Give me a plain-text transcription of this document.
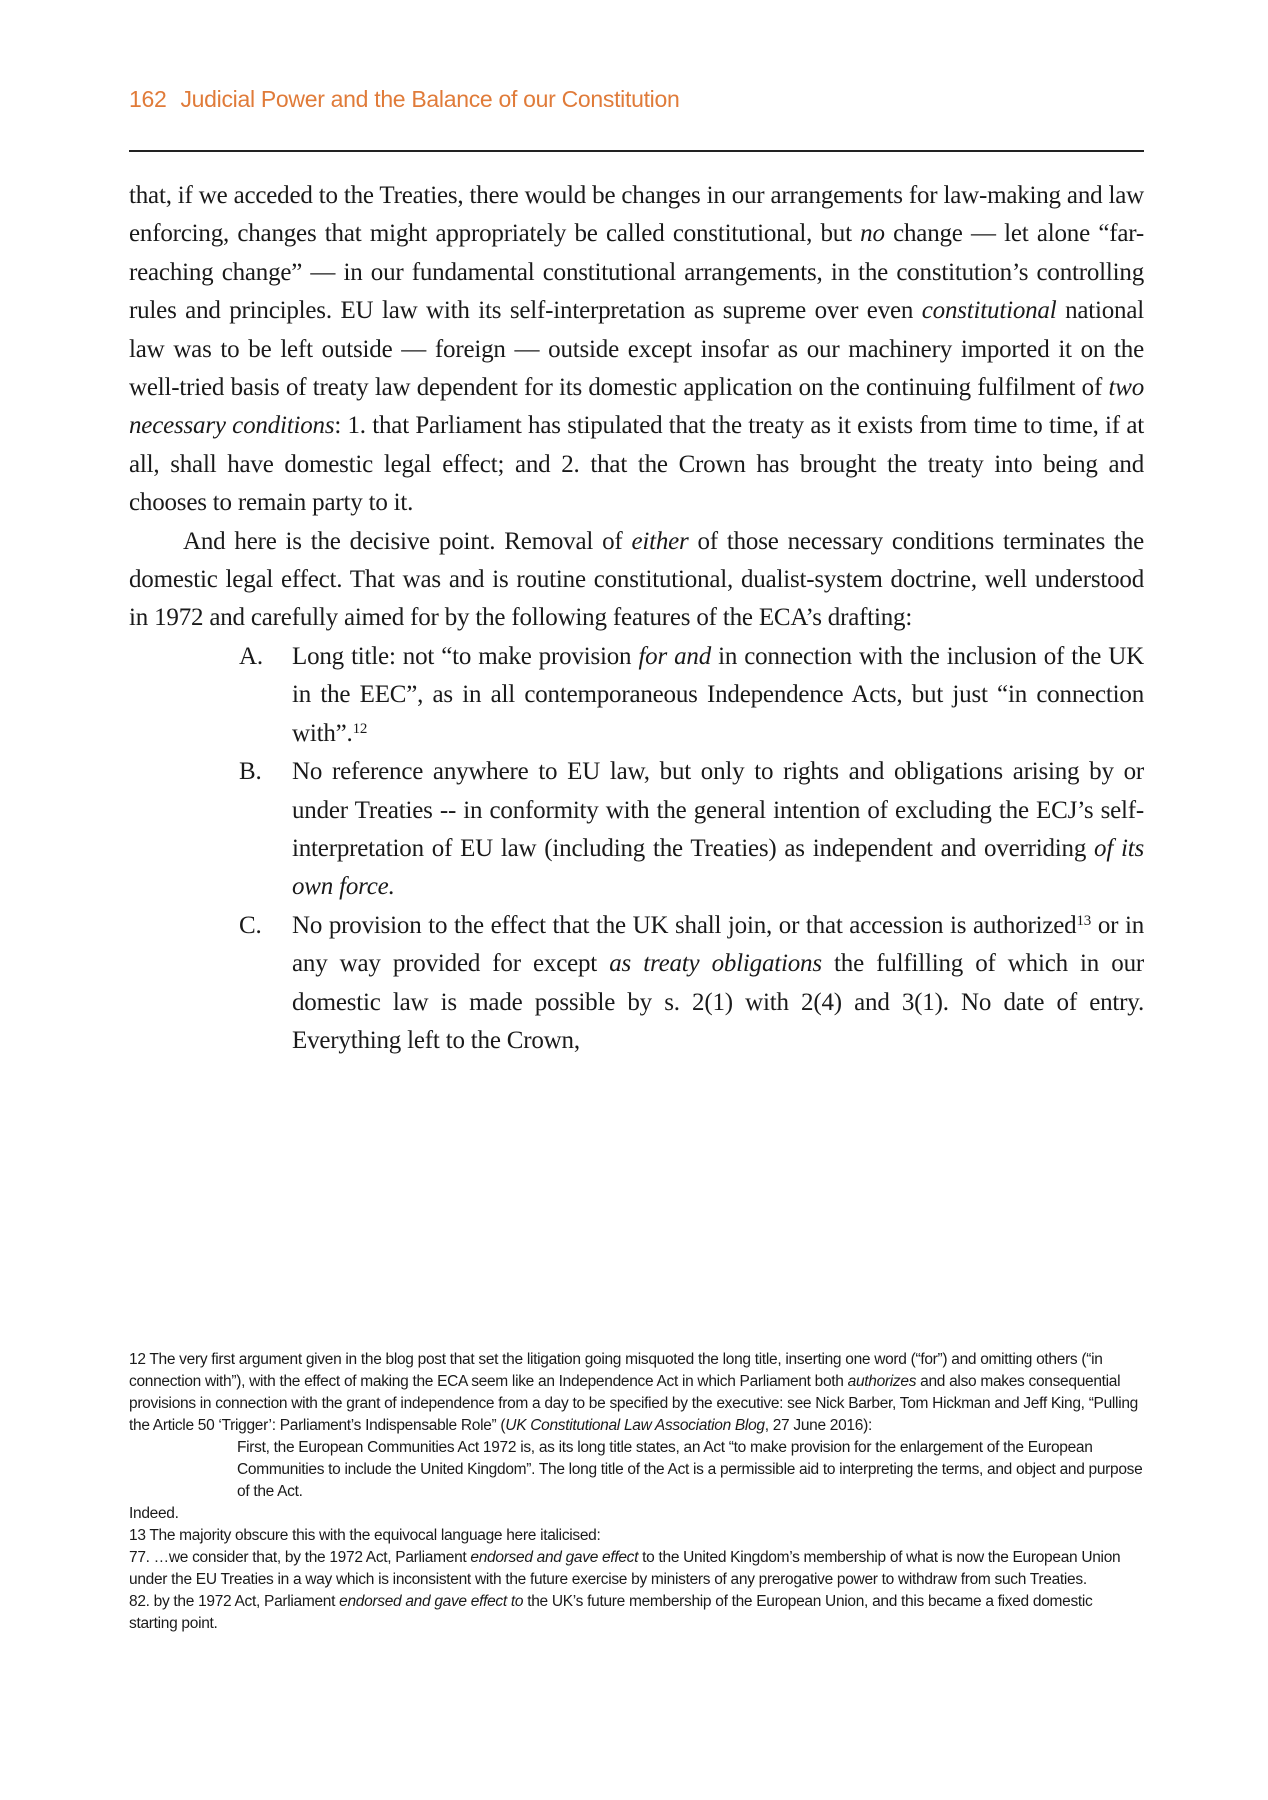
162 Judicial Power and the Balance of our Constitution

that, if we acceded to the Treaties, there would be changes in our arrangements for law-making and law enforcing, changes that might appropriately be called constitutional, but no change — let alone “far-reaching change” — in our fundamental constitutional arrangements, in the constitution’s controlling rules and principles. EU law with its self-interpretation as supreme over even constitutional national law was to be left outside — foreign — outside except insofar as our machinery imported it on the well-tried basis of treaty law dependent for its domestic application on the continuing fulfilment of two necessary conditions: 1. that Parliament has stipulated that the treaty as it exists from time to time, if at all, shall have domestic legal effect; and 2. that the Crown has brought the treaty into being and chooses to remain party to it.

And here is the decisive point. Removal of either of those necessary conditions terminates the domestic legal effect. That was and is routine constitutional, dualist-system doctrine, well understood in 1972 and carefully aimed for by the following features of the ECA’s drafting:

A.	Long title: not “to make provision for and in connection with the inclusion of the UK in the EEC”, as in all contemporaneous Independence Acts, but just “in connection with”.$^{12}$
B.	No reference anywhere to EU law, but only to rights and obligations arising by or under Treaties -- in conformity with the general intention of excluding the ECJ’s self-interpretation of EU law (including the Treaties) as independent and overriding of its own force.
C.	No provision to the effect that the UK shall join, or that accession is authorized$^{13}$ or in any way provided for except as treaty obligations the fulfilling of which in our domestic law is made possible by s. 2(1) with 2(4) and 3(1). No date of entry. Everything left to the Crown,

12 The very first argument given in the blog post that set the litigation going misquoted the long title, inserting one word (“for”) and omitting others (“in connection with”), with the effect of making the ECA seem like an Independence Act in which Parliament both authorizes and also makes consequential provisions in connection with the grant of independence from a day to be specified by the executive: see Nick Barber, Tom Hickman and Jeff King, “Pulling the Article 50 ‘Trigger’: Parliament’s Indispensable Role” (UK Constitutional Law Association Blog, 27 June 2016):

First, the European Communities Act 1972 is, as its long title states, an Act “to make provision for the enlargement of the European Communities to include the United Kingdom”. The long title of the Act is a permissible aid to interpreting the terms, and object and purpose of the Act.

Indeed.

13 The majority obscure this with the equivocal language here italicised:

77. …we consider that, by the 1972 Act, Parliament endorsed and gave effect to the United Kingdom’s membership of what is now the European Union under the EU Treaties in a way which is inconsistent with the future exercise by ministers of any prerogative power to withdraw from such Treaties.

82. by the 1972 Act, Parliament endorsed and gave effect to the UK’s future membership of the European Union, and this became a fixed domestic starting point.
